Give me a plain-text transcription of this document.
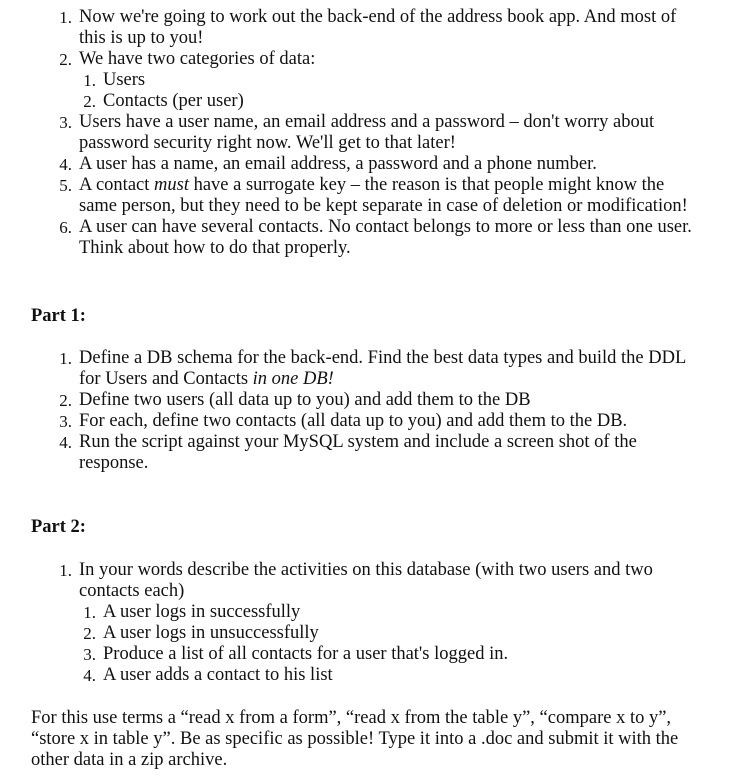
1. Now we're going to work out the back-end of the address book app. And most of this is up to you!
2. We have two categories of data:
1. Users
2. Contacts (per user)
3. Users have a user name, an email address and a password – don't worry about password security right now. We'll get to that later!
4. A user has a name, an email address, a password and a phone number.
5. A contact must have a surrogate key – the reason is that people might know the same person, but they need to be kept separate in case of deletion or modification!
6. A user can have several contacts. No contact belongs to more or less than one user. Think about how to do that properly.
Part 1:
1. Define a DB schema for the back-end. Find the best data types and build the DDL for Users and Contacts in one DB!
2. Define two users (all data up to you) and add them to the DB
3. For each, define two contacts (all data up to you) and add them to the DB.
4. Run the script against your MySQL system and include a screen shot of the response.
Part 2:
1. In your words describe the activities on this database (with two users and two contacts each)
1. A user logs in successfully
2. A user logs in unsuccessfully
3. Produce a list of all contacts for a user that's logged in.
4. A user adds a contact to his list
For this use terms a “read x from a form”, “read x from the table y”, “compare x to y”, “store x in table y”. Be as specific as possible! Type it into a .doc and submit it with the other data in a zip archive.
